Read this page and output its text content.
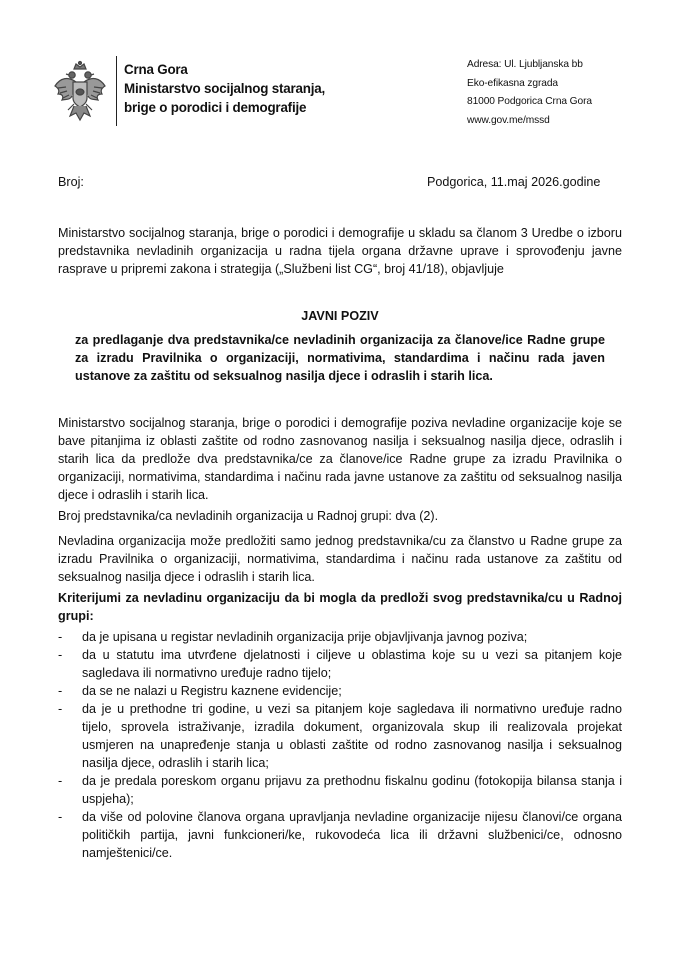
Crna Gora
Ministarstvo socijalnog staranja,
brige o porodici i demografije
Adresa: Ul. Ljubljanska bb
Eko-efikasna zgrada
81000 Podgorica Crna Gora
www.gov.me/mssd
Broj:	Podgorica, 11.maj 2026.godine
Ministarstvo socijalnog staranja, brige o porodici i demografije u skladu sa članom 3 Uredbe o izboru predstavnika nevladinih organizacija u radna tijela organa državne uprave i sprovođenju javne rasprave u pripremi zakona i strategija („Službeni list CG“, broj 41/18), objavljuje
JAVNI POZIV
za predlaganje dva predstavnika/ce nevladinih organizacija za članove/ice Radne grupe za izradu Pravilnika o organizaciji, normativima, standardima i načinu rada javen ustanove za zaštitu od seksualnog nasilja djece i odraslih i starih lica.
Ministarstvo socijalnog staranja, brige o porodici i demografije poziva nevladine organizacije koje se bave pitanjima iz oblasti zaštite od rodno zasnovanog nasilja i seksualnog nasilja djece, odraslih i starih lica da predlože dva predstavnika/ce za članove/ice Radne grupe za izradu Pravilnika o organizaciji, normativima, standardima i načinu rada javne ustanove za zaštitu od seksualnog nasilja djece i odraslih i starih lica.
Broj predstavnika/ca nevladinih organizacija u Radnoj grupi: dva (2).
Nevladina organizacija može predložiti samo jednog predstavnika/cu za članstvo u Radne grupe za izradu Pravilnika o organizaciji, normativima, standardima i načinu rada ustanove za zaštitu od seksualnog nasilja djece i odraslih i starih lica.
Kriterijumi za nevladinu organizaciju da bi mogla da predloži svog predstavnika/cu u Radnoj grupi:
- da je upisana u registar nevladinih organizacija prije objavljivanja javnog poziva;
- da u statutu ima utvrđene djelatnosti i ciljeve u oblastima koje su u vezi sa pitanjem koje sagledava ili normativno uređuje radno tijelo;
- da se ne nalazi u Registru kaznene evidencije;
- da je u prethodne tri godine, u vezi sa pitanjem koje sagledava ili normativno uređuje radno tijelo, sprovela istraživanje, izradila dokument, organizovala skup ili realizovala projekat usmjeren na unapređenje stanja u oblasti zaštite od rodno zasnovanog nasilja i seksualnog nasilja djece, odraslih i starih lica;
- da je predala poreskom organu prijavu za prethodnu fiskalnu godinu (fotokopija bilansa stanja i uspjeha);
- da više od polovine članova organa upravljanja nevladine organizacije nijesu članovi/ce organa političkih partija, javni funkcioneri/ke, rukovodeća lica ili državni službenici/ce, odnosno namještenici/ce.
